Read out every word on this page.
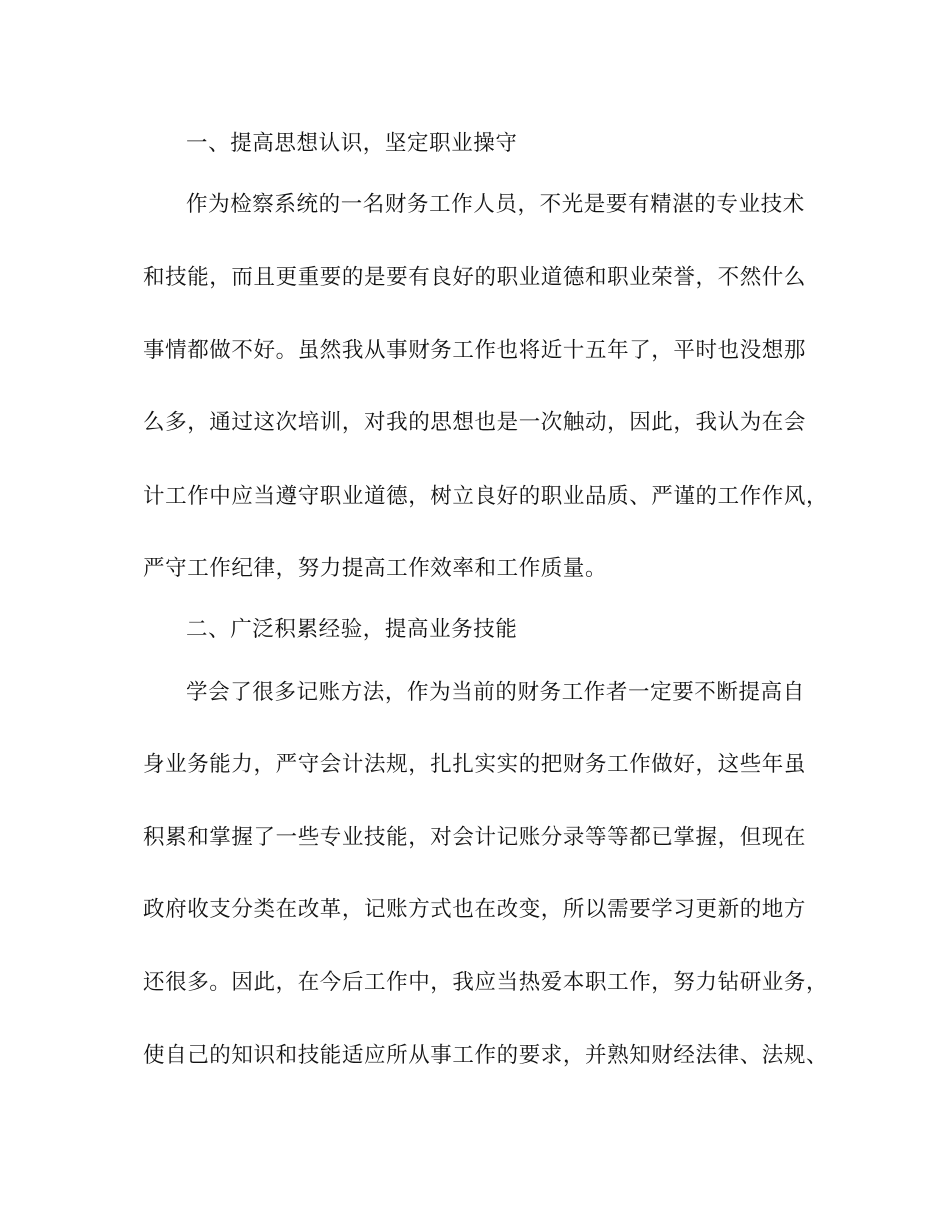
一、提高思想认识，坚定职业操守

作为检察系统的一名财务工作人员，不光是要有精湛的专业技术

和技能，而且更重要的是要有良好的职业道德和职业荣誉，不然什么

事情都做不好。虽然我从事财务工作也将近十五年了，平时也没想那

么多，通过这次培训，对我的思想也是一次触动，因此，我认为在会

计工作中应当遵守职业道德，树立良好的职业品质、严谨的工作作风，

严守工作纪律，努力提高工作效率和工作质量。

二、广泛积累经验，提高业务技能

学会了很多记账方法，作为当前的财务工作者一定要不断提高自

身业务能力，严守会计法规，扎扎实实的把财务工作做好，这些年虽

积累和掌握了一些专业技能，对会计记账分录等等都已掌握，但现在

政府收支分类在改革，记账方式也在改变，所以需要学习更新的地方

还很多。因此，在今后工作中，我应当热爱本职工作，努力钻研业务，

使自己的知识和技能适应所从事工作的要求，并熟知财经法律、法规、
